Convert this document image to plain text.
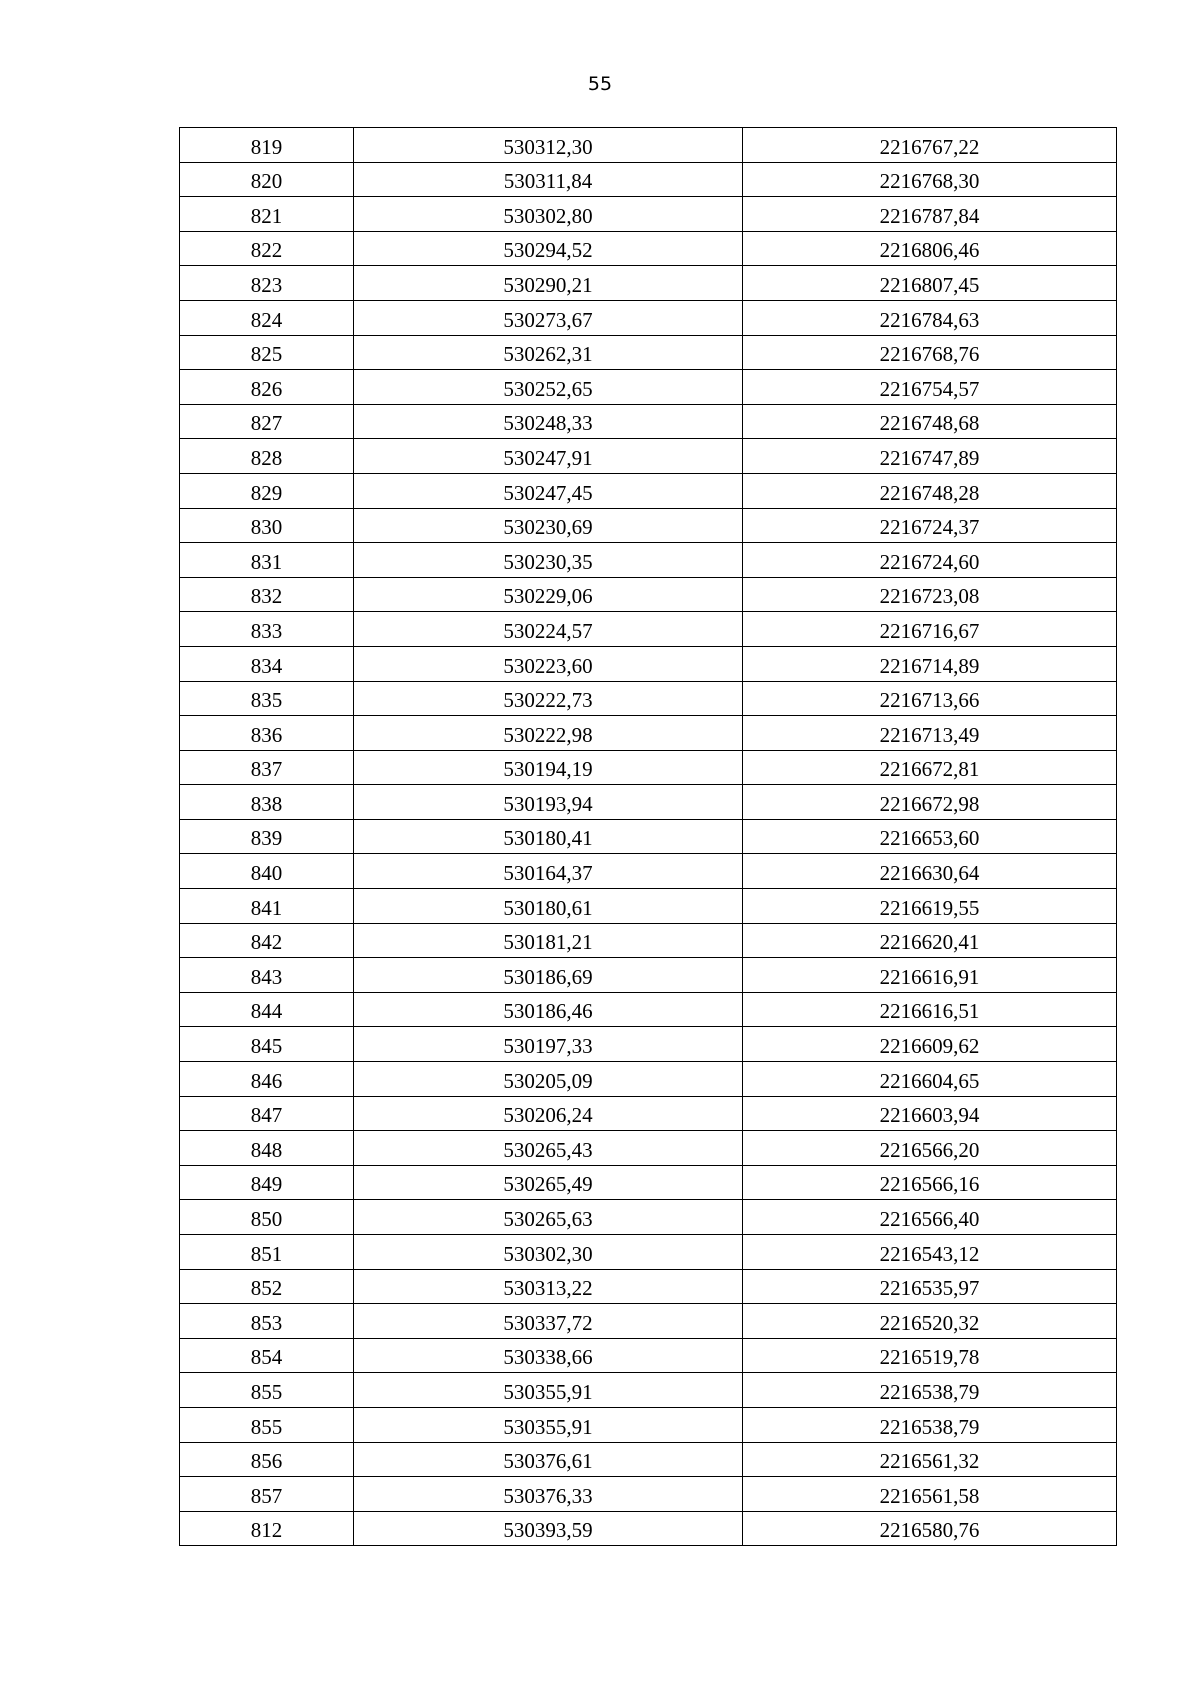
55
819	530312,30	2216767,22
820	530311,84	2216768,30
821	530302,80	2216787,84
822	530294,52	2216806,46
823	530290,21	2216807,45
824	530273,67	2216784,63
825	530262,31	2216768,76
826	530252,65	2216754,57
827	530248,33	2216748,68
828	530247,91	2216747,89
829	530247,45	2216748,28
830	530230,69	2216724,37
831	530230,35	2216724,60
832	530229,06	2216723,08
833	530224,57	2216716,67
834	530223,60	2216714,89
835	530222,73	2216713,66
836	530222,98	2216713,49
837	530194,19	2216672,81
838	530193,94	2216672,98
839	530180,41	2216653,60
840	530164,37	2216630,64
841	530180,61	2216619,55
842	530181,21	2216620,41
843	530186,69	2216616,91
844	530186,46	2216616,51
845	530197,33	2216609,62
846	530205,09	2216604,65
847	530206,24	2216603,94
848	530265,43	2216566,20
849	530265,49	2216566,16
850	530265,63	2216566,40
851	530302,30	2216543,12
852	530313,22	2216535,97
853	530337,72	2216520,32
854	530338,66	2216519,78
855	530355,91	2216538,79
855	530355,91	2216538,79
856	530376,61	2216561,32
857	530376,33	2216561,58
812	530393,59	2216580,76
